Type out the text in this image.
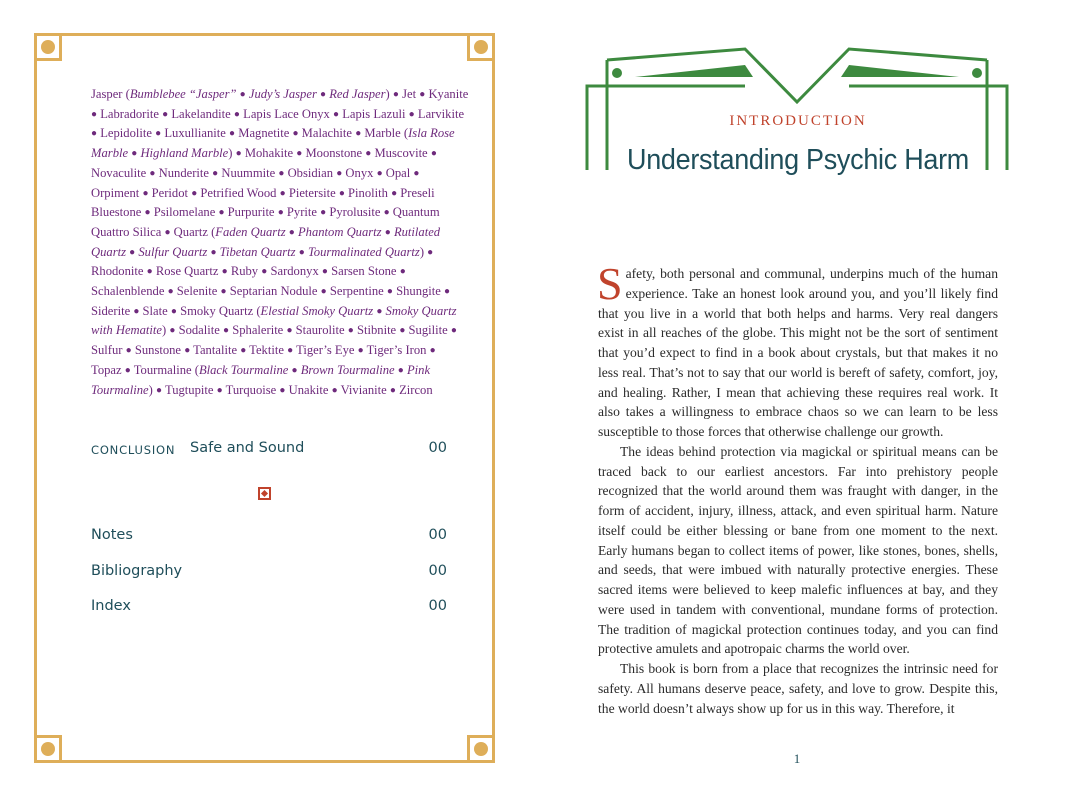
Jasper (Bumblebee “Jasper” ● Judy’s Jasper ● Red Jasper) ● Jet ● Kyanite ● Labradorite ● Lakelandite ● Lapis Lace Onyx ● Lapis Lazuli ● Larvikite ● Lepidolite ● Luxullianite ● Magnetite ● Malachite ● Marble (Isla Rose Marble ● Highland Marble) ● Mohakite ● Moonstone ● Muscovite ● Novaculite ● Nunderite ● Nuummite ● Obsidian ● Onyx ● Opal ● Orpiment ● Peridot ● Petrified Wood ● Pietersite ● Pinolith ● Preseli Bluestone ● Psilomelane ● Purpurite ● Pyrite ● Pyrolusite ● Quantum Quattro Silica ● Quartz (Faden Quartz ● Phantom Quartz ● Rutilated Quartz ● Sulfur Quartz ● Tibetan Quartz ● Tourmalinated Quartz) ● Rhodonite ● Rose Quartz ● Ruby ● Sardonyx ● Sarsen Stone ● Schalenblende ● Selenite ● Septarian Nodule ● Serpentine ● Shungite ● Siderite ● Slate ● Smoky Quartz (Elestial Smoky Quartz ● Smoky Quartz with Hematite) ● Sodalite ● Sphalerite ● Staurolite ● Stibnite ● Sugilite ● Sulfur ● Sunstone ● Tantalite ● Tektite ● Tiger’s Eye ● Tiger’s Iron ● Topaz ● Tourmaline (Black Tourmaline ● Brown Tourmaline ● Pink Tourmaline) ● Tugtupite ● Turquoise ● Unakite ● Vivianite ● Zircon
CONCLUSION Safe and Sound	00
Notes	00
Bibliography	00
Index	00
INTRODUCTION
Understanding Psychic Harm

Safety, both personal and communal, underpins much of the human experience. Take an honest look around you, and you’ll likely find that you live in a world that both helps and harms. Very real dangers exist in all reaches of the globe. This might not be the sort of sentiment that you’d expect to find in a book about crystals, but that makes it no less real. That’s not to say that our world is bereft of safety, comfort, joy, and healing. Rather, I mean that achieving these requires real work. It also takes a willingness to embrace chaos so we can learn to be less susceptible to those forces that otherwise challenge our growth.

The ideas behind protection via magickal or spiritual means can be traced back to our earliest ancestors. Far into prehistory people recognized that the world around them was fraught with danger, in the form of accident, injury, illness, attack, and even spiritual harm. Nature itself could be either blessing or bane from one moment to the next. Early humans began to collect items of power, like stones, bones, shells, and seeds, that were imbued with naturally protective energies. These sacred items were believed to keep malefic influences at bay, and they were used in tandem with conventional, mundane forms of protection. The tradition of magickal protection continues today, and you can find protective amulets and apotropaic charms the world over.

This book is born from a place that recognizes the intrinsic need for safety. All humans deserve peace, safety, and love to grow. Despite this, the world doesn’t always show up for us in this way. Therefore, it

1
